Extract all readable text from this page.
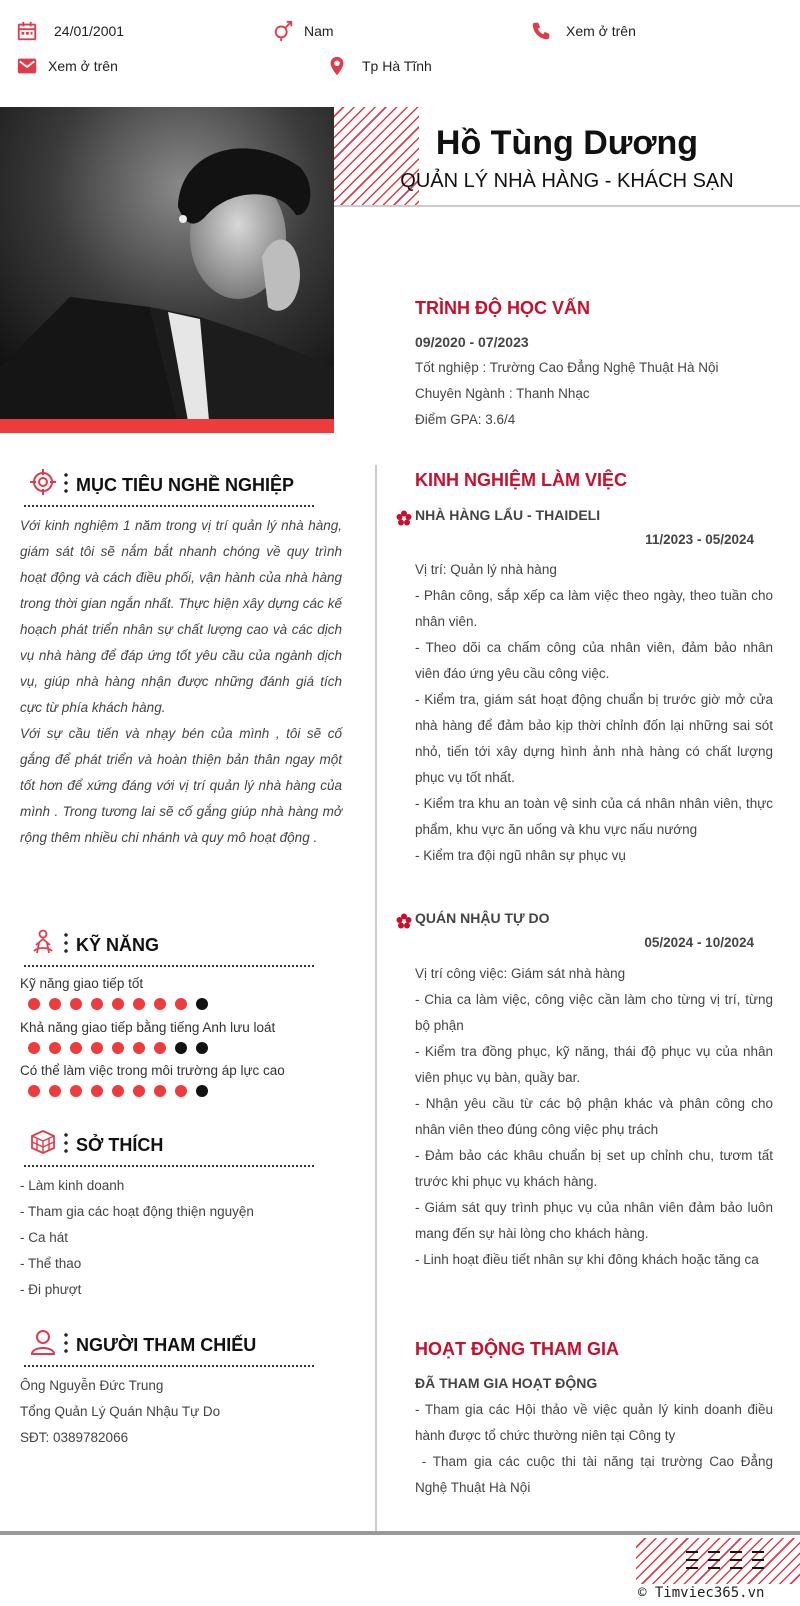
24/01/2001	Nam	Xem ở trên
Xem ở trên	Tp Hà Tĩnh
Hồ Tùng Dương
QUẢN LÝ NHÀ HÀNG - KHÁCH SẠN
TRÌNH ĐỘ HỌC VẤN
09/2020 - 07/2023
Tốt nghiệp : Trường Cao Đẳng Nghệ Thuật Hà Nội
Chuyên Ngành : Thanh Nhạc
Điểm GPA: 3.6/4
MỤC TIÊU NGHỀ NGHIỆP
Với kinh nghiệm 1 năm trong vị trí quản lý nhà hàng, giám sát tôi sẽ nắm bắt nhanh chóng về quy trình hoạt động và cách điều phối, vận hành của nhà hàng trong thời gian ngắn nhất. Thực hiện xây dựng các kế hoạch phát triển nhân sự chất lượng cao và các dịch vụ nhà hàng để đáp ứng tốt yêu cầu của ngành dịch vụ, giúp nhà hàng nhận được những đánh giá tích cực từ phía khách hàng.
Với sự cầu tiến và nhạy bén của mình , tôi sẽ cố gắng để phát triển và hoàn thiện bản thân ngay một tốt hơn để xứng đáng với vị trí quản lý nhà hàng của mình . Trong tương lai sẽ cố gắng giúp nhà hàng mở rộng thêm nhiều chi nhánh và quy mô hoạt động .
KỸ NĂNG
Kỹ năng giao tiếp tốt
Khả năng giao tiếp bằng tiếng Anh lưu loát
Có thể làm việc trong môi trường áp lực cao
SỞ THÍCH
- Làm kinh doanh
- Tham gia các hoạt động thiện nguyện
- Ca hát
- Thể thao
- Đi phượt
NGƯỜI THAM CHIẾU
Ông Nguyễn Đức Trung
Tổng Quản Lý Quán Nhậu Tự Do
SĐT: 0389782066
KINH NGHIỆM LÀM VIỆC
NHÀ HÀNG LẨU - THAIDELI
11/2023 - 05/2024
Vị trí: Quản lý nhà hàng
- Phân công, sắp xếp ca làm việc theo ngày, theo tuần cho nhân viên.
- Theo dõi ca chấm công của nhân viên, đảm bảo nhân viên đáo ứng yêu cầu công việc.
- Kiểm tra, giám sát hoạt động chuẩn bị trước giờ mở cửa nhà hàng để đảm bảo kịp thời chỉnh đốn lại những sai sót nhỏ, tiến tới xây dựng hình ảnh nhà hàng có chất lượng phục vụ tốt nhất.
- Kiểm tra khu an toàn vệ sinh của cá nhân nhân viên, thực phẩm, khu vực ăn uống và khu vực nấu nướng
- Kiểm tra đội ngũ nhân sự phục vụ
QUÁN NHẬU TỰ DO
05/2024 - 10/2024
Vị trí công việc: Giám sát nhà hàng
- Chia ca làm việc, công việc cần làm cho từng vị trí, từng bộ phận
- Kiểm tra đồng phục, kỹ năng, thái độ phục vụ của nhân viên phục vụ bàn, quầy bar.
- Nhận yêu cầu từ các bộ phận khác và phân công cho nhân viên theo đúng công việc phụ trách
- Đảm bảo các khâu chuẩn bị set up chỉnh chu, tươm tất trước khi phục vụ khách hàng.
- Giám sát quy trình phục vụ của nhân viên đảm bảo luôn mang đến sự hài lòng cho khách hàng.
- Linh hoạt điều tiết nhân sự khi đông khách hoặc tăng ca
HOẠT ĐỘNG THAM GIA
ĐÃ THAM GIA HOẠT ĐỘNG
- Tham gia các Hội thảo về việc quản lý kinh doanh điều hành được tổ chức thường niên tại Công ty
- Tham gia các cuộc thi tài năng tại trường Cao Đẳng Nghệ Thuật Hà Nội
© Timviec365.vn
